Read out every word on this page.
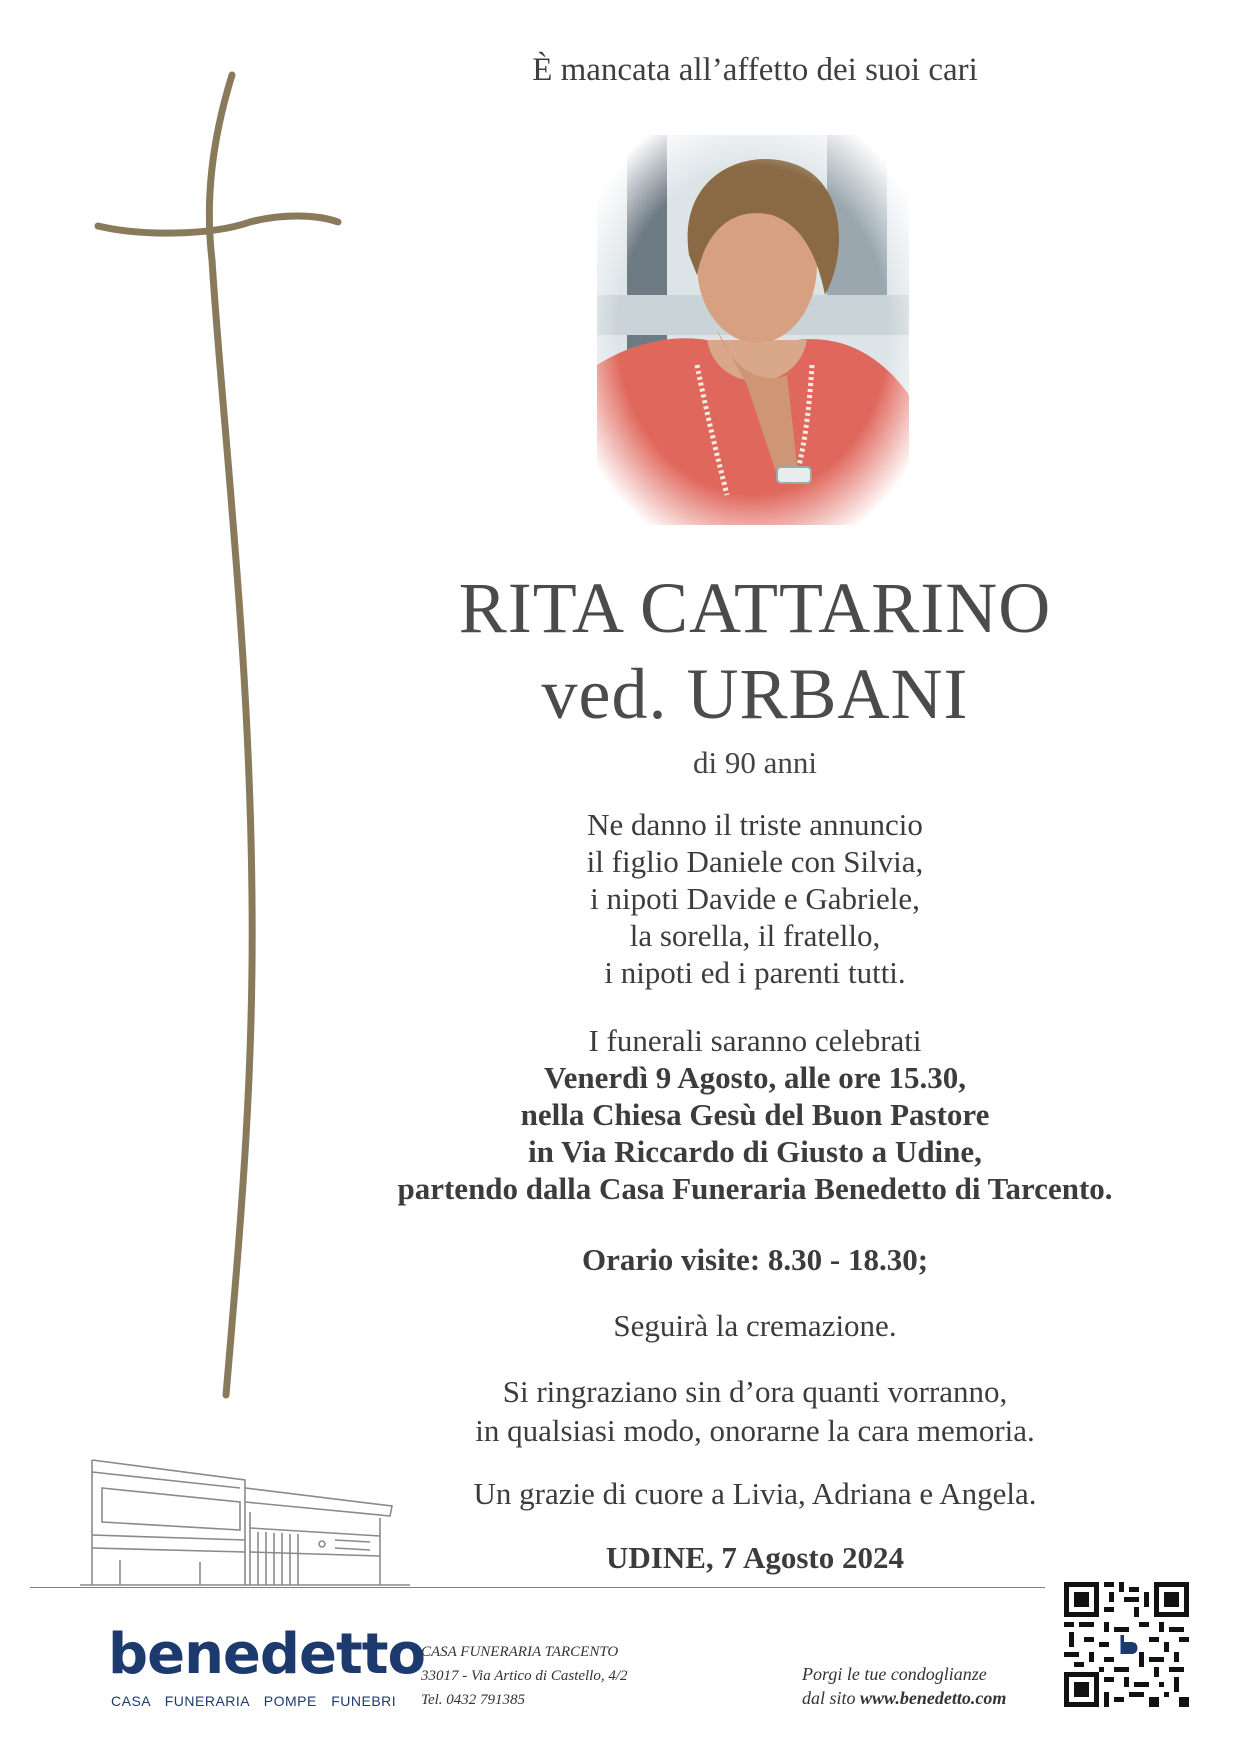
È mancata all’affetto dei suoi cari
RITA CATTARINO
ved. URBANI
di 90 anni
Ne danno il triste annuncio
il figlio Daniele con Silvia,
i nipoti Davide e Gabriele,
la sorella, il fratello,
i nipoti ed i parenti tutti.
I funerali saranno celebrati
Venerdì 9 Agosto, alle ore 15.30,
nella Chiesa Gesù del Buon Pastore
in Via Riccardo di Giusto a Udine,
partendo dalla Casa Funeraria Benedetto di Tarcento.
Orario visite: 8.30 - 18.30;
Seguirà la cremazione.
Si ringraziano sin d’ora quanti vorranno,
in qualsiasi modo, onorarne la cara memoria.
Un grazie di cuore a Livia, Adriana e Angela.
UDINE, 7 Agosto 2024
benedetto
CASA FUNERARIA POMPE FUNEBRI
CASA FUNERARIA TARCENTO
33017 - Via Artico di Castello, 4/2
Tel. 0432 791385
Porgi le tue condoglianze
dal sito www.benedetto.com
